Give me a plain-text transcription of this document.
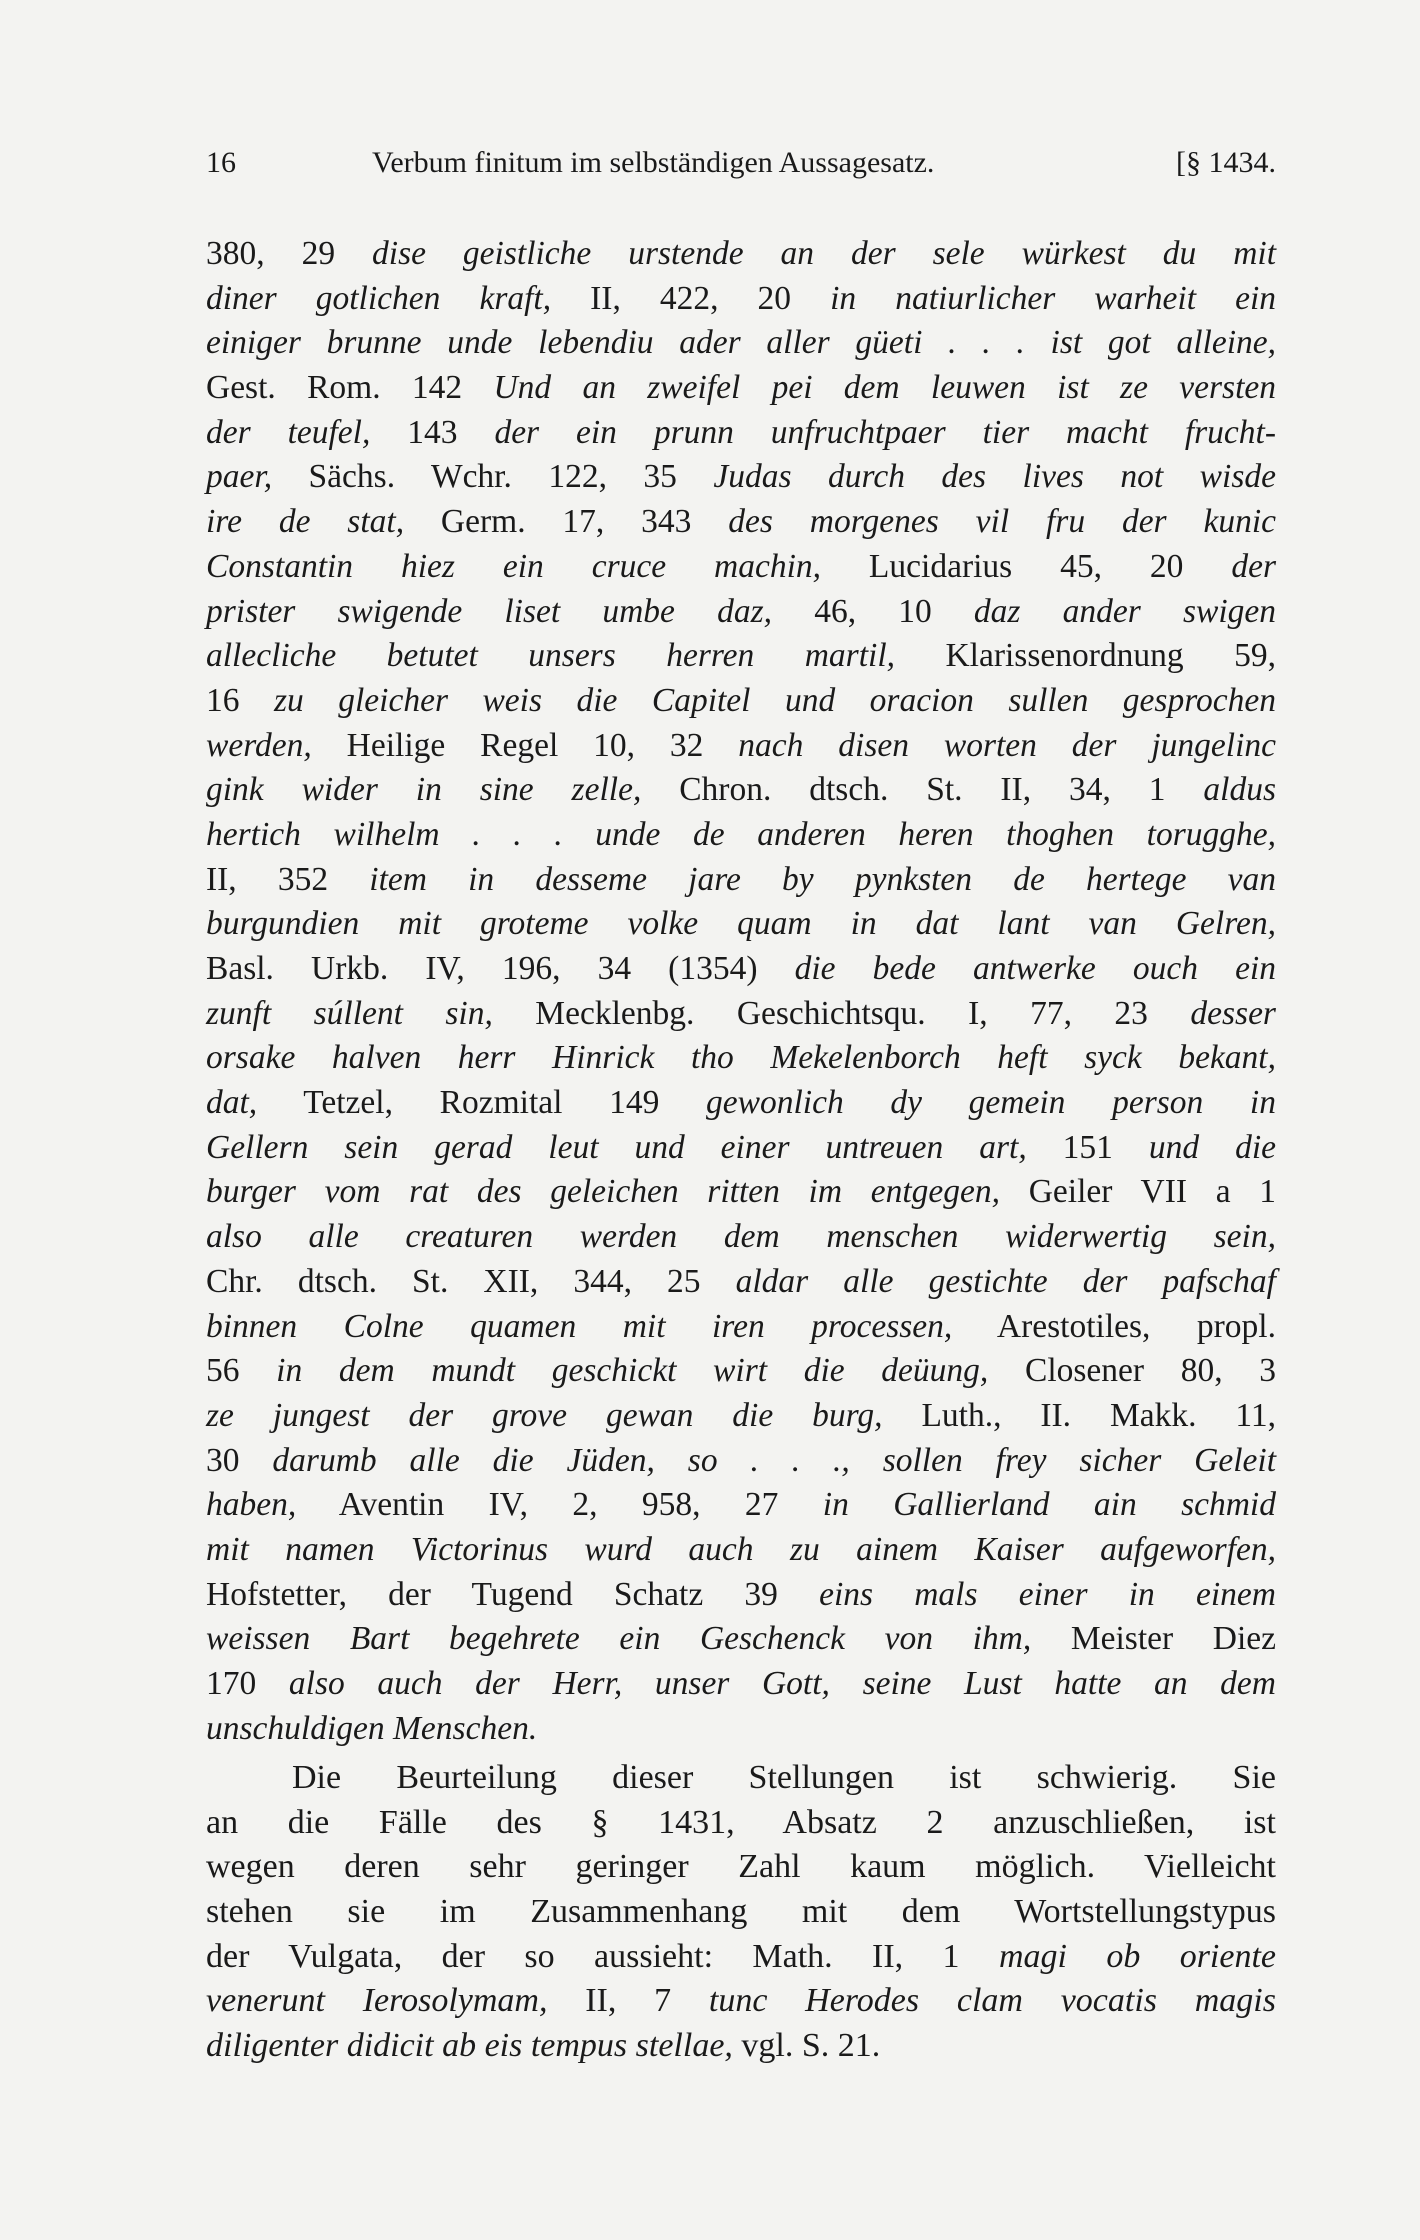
16	Verbum finitum im selbständigen Aussagesatz.	[§ 1434.
380, 29 dise geistliche urstende an der sele würkest du mit
diner gotlichen kraft, II, 422, 20 in natiurlicher warheit ein
einiger brunne unde lebendiu ader aller güeti . . . ist got alleine,
Gest. Rom. 142 Und an zweifel pei dem leuwen ist ze versten
der teufel, 143 der ein prunn unfruchtpaer tier macht frucht-
paer, Sächs. Wchr. 122, 35 Judas durch des lives not wisde
ire de stat, Germ. 17, 343 des morgenes vil fru der kunic
Constantin hiez ein cruce machin, Lucidarius 45, 20 der
prister swigende liset umbe daz, 46, 10 daz ander swigen
allecliche betutet unsers herren martil, Klarissenordnung 59,
16 zu gleicher weis die Capitel und oracion sullen gesprochen
werden, Heilige Regel 10, 32 nach disen worten der jungelinc
gink wider in sine zelle, Chron. dtsch. St. II, 34, 1 aldus
hertich wilhelm . . . unde de anderen heren thoghen torugghe,
II, 352 item in desseme jare by pynksten de hertege van
burgundien mit groteme volke quam in dat lant van Gelren,
Basl. Urkb. IV, 196, 34 (1354) die bede antwerke ouch ein
zunft súllent sin, Mecklenbg. Geschichtsqu. I, 77, 23 desser
orsake halven herr Hinrick tho Mekelenborch heft syck bekant,
dat, Tetzel, Rozmital 149 gewonlich dy gemein person in
Gellern sein gerad leut und einer untreuen art, 151 und die
burger vom rat des geleichen ritten im entgegen, Geiler VII a 1
also alle creaturen werden dem menschen widerwertig sein,
Chr. dtsch. St. XII, 344, 25 aldar alle gestichte der pafschaf
binnen Colne quamen mit iren processen, Arestotiles, propl.
56 in dem mundt geschickt wirt die deüung, Closener 80, 3
ze jungest der grove gewan die burg, Luth., II. Makk. 11,
30 darumb alle die Jüden, so . . ., sollen frey sicher Geleit
haben, Aventin IV, 2, 958, 27 in Gallierland ain schmid
mit namen Victorinus wurd auch zu ainem Kaiser aufgeworfen,
Hofstetter, der Tugend Schatz 39 eins mals einer in einem
weissen Bart begehrete ein Geschenck von ihm, Meister Diez
170 also auch der Herr, unser Gott, seine Lust hatte an dem
unschuldigen Menschen.
Die Beurteilung dieser Stellungen ist schwierig. Sie
an die Fälle des § 1431, Absatz 2 anzuschließen, ist
wegen deren sehr geringer Zahl kaum möglich. Vielleicht
stehen sie im Zusammenhang mit dem Wortstellungstypus
der Vulgata, der so aussieht: Math. II, 1 magi ob oriente
venerunt Ierosolymam, II, 7 tunc Herodes clam vocatis magis
diligenter didicit ab eis tempus stellae, vgl. S. 21.
